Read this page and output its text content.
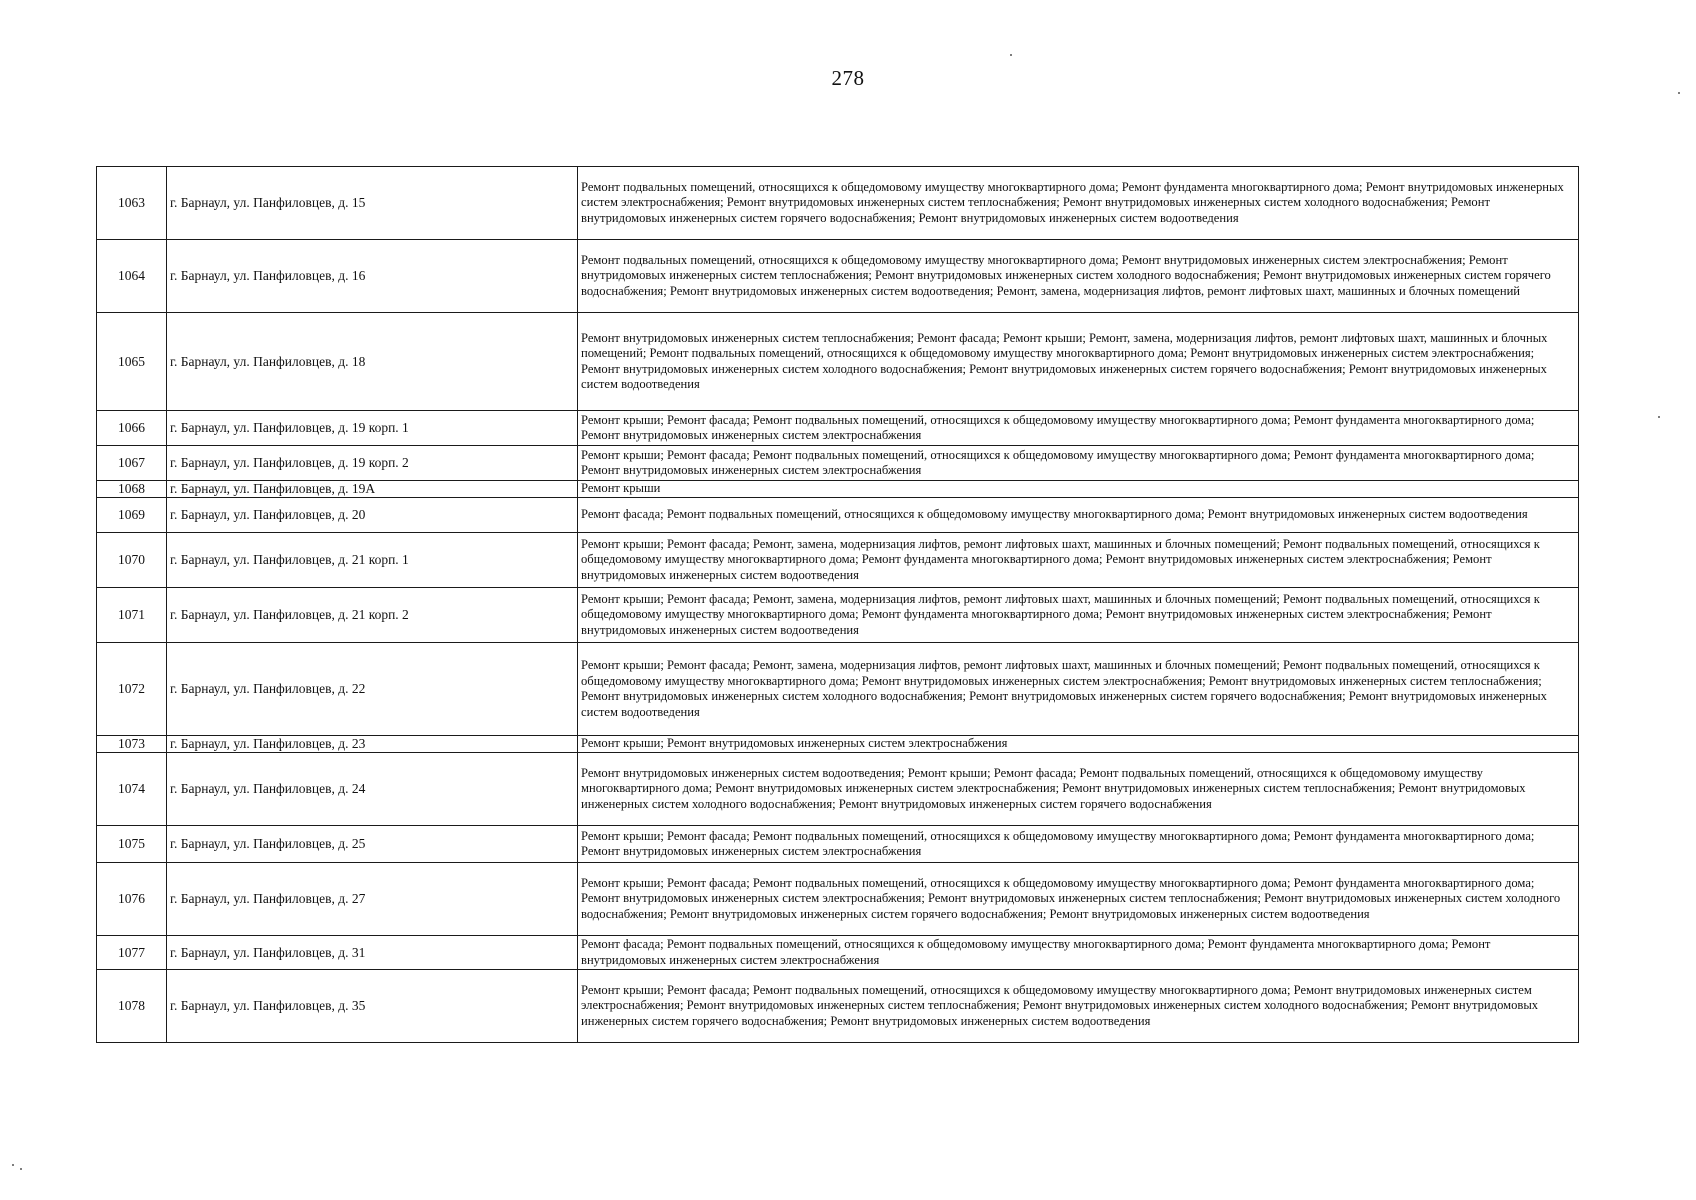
278
1063	г. Барнаул, ул. Панфиловцев, д. 15	Ремонт подвальных помещений, относящихся к общедомовому имуществу многоквартирного дома; Ремонт фундамента многоквартирного дома; Ремонт внутридомовых инженерных систем электроснабжения; Ремонт внутридомовых инженерных систем теплоснабжения; Ремонт внутридомовых инженерных систем холодного водоснабжения; Ремонт внутридомовых инженерных систем горячего водоснабжения; Ремонт внутридомовых инженерных систем водоотведения
1064	г. Барнаул, ул. Панфиловцев, д. 16	Ремонт подвальных помещений, относящихся к общедомовому имуществу многоквартирного дома; Ремонт внутридомовых инженерных систем электроснабжения; Ремонт внутридомовых инженерных систем теплоснабжения; Ремонт внутридомовых инженерных систем холодного водоснабжения; Ремонт внутридомовых инженерных систем горячего водоснабжения; Ремонт внутридомовых инженерных систем водоотведения; Ремонт, замена, модернизация лифтов, ремонт лифтовых шахт, машинных и блочных помещений
1065	г. Барнаул, ул. Панфиловцев, д. 18	Ремонт внутридомовых инженерных систем теплоснабжения; Ремонт фасада; Ремонт крыши; Ремонт, замена, модернизация лифтов, ремонт лифтовых шахт, машинных и блочных помещений; Ремонт подвальных помещений, относящихся к общедомовому имуществу многоквартирного дома; Ремонт внутридомовых инженерных систем электроснабжения; Ремонт внутридомовых инженерных систем холодного водоснабжения; Ремонт внутридомовых инженерных систем горячего водоснабжения; Ремонт внутридомовых инженерных систем водоотведения
1066	г. Барнаул, ул. Панфиловцев, д. 19 корп. 1	Ремонт крыши; Ремонт фасада; Ремонт подвальных помещений, относящихся к общедомовому имуществу многоквартирного дома; Ремонт фундамента многоквартирного дома; Ремонт внутридомовых инженерных систем электроснабжения
1067	г. Барнаул, ул. Панфиловцев, д. 19 корп. 2	Ремонт крыши; Ремонт фасада; Ремонт подвальных помещений, относящихся к общедомовому имуществу многоквартирного дома; Ремонт фундамента многоквартирного дома; Ремонт внутридомовых инженерных систем электроснабжения
1068	г. Барнаул, ул. Панфиловцев, д. 19А	Ремонт крыши
1069	г. Барнаул, ул. Панфиловцев, д. 20	Ремонт фасада; Ремонт подвальных помещений, относящихся к общедомовому имуществу многоквартирного дома; Ремонт внутридомовых инженерных систем водоотведения
1070	г. Барнаул, ул. Панфиловцев, д. 21 корп. 1	Ремонт крыши; Ремонт фасада; Ремонт, замена, модернизация лифтов, ремонт лифтовых шахт, машинных и блочных помещений; Ремонт подвальных помещений, относящихся к общедомовому имуществу многоквартирного дома; Ремонт фундамента многоквартирного дома; Ремонт внутридомовых инженерных систем электроснабжения; Ремонт внутридомовых инженерных систем водоотведения
1071	г. Барнаул, ул. Панфиловцев, д. 21 корп. 2	Ремонт крыши; Ремонт фасада; Ремонт, замена, модернизация лифтов, ремонт лифтовых шахт, машинных и блочных помещений; Ремонт подвальных помещений, относящихся к общедомовому имуществу многоквартирного дома; Ремонт фундамента многоквартирного дома; Ремонт внутридомовых инженерных систем электроснабжения; Ремонт внутридомовых инженерных систем водоотведения
1072	г. Барнаул, ул. Панфиловцев, д. 22	Ремонт крыши; Ремонт фасада; Ремонт, замена, модернизация лифтов, ремонт лифтовых шахт, машинных и блочных помещений; Ремонт подвальных помещений, относящихся к общедомовому имуществу многоквартирного дома; Ремонт внутридомовых инженерных систем электроснабжения; Ремонт внутридомовых инженерных систем теплоснабжения; Ремонт внутридомовых инженерных систем холодного водоснабжения; Ремонт внутридомовых инженерных систем горячего водоснабжения; Ремонт внутридомовых инженерных систем водоотведения
1073	г. Барнаул, ул. Панфиловцев, д. 23	Ремонт крыши; Ремонт внутридомовых инженерных систем электроснабжения
1074	г. Барнаул, ул. Панфиловцев, д. 24	Ремонт внутридомовых инженерных систем водоотведения; Ремонт крыши; Ремонт фасада; Ремонт подвальных помещений, относящихся к общедомовому имуществу многоквартирного дома; Ремонт внутридомовых инженерных систем электроснабжения; Ремонт внутридомовых инженерных систем теплоснабжения; Ремонт внутридомовых инженерных систем холодного водоснабжения; Ремонт внутридомовых инженерных систем горячего водоснабжения
1075	г. Барнаул, ул. Панфиловцев, д. 25	Ремонт крыши; Ремонт фасада; Ремонт подвальных помещений, относящихся к общедомовому имуществу многоквартирного дома; Ремонт фундамента многоквартирного дома; Ремонт внутридомовых инженерных систем электроснабжения
1076	г. Барнаул, ул. Панфиловцев, д. 27	Ремонт крыши; Ремонт фасада; Ремонт подвальных помещений, относящихся к общедомовому имуществу многоквартирного дома; Ремонт фундамента многоквартирного дома; Ремонт внутридомовых инженерных систем электроснабжения; Ремонт внутридомовых инженерных систем теплоснабжения; Ремонт внутридомовых инженерных систем холодного водоснабжения; Ремонт внутридомовых инженерных систем горячего водоснабжения; Ремонт внутридомовых инженерных систем водоотведения
1077	г. Барнаул, ул. Панфиловцев, д. 31	Ремонт фасада; Ремонт подвальных помещений, относящихся к общедомовому имуществу многоквартирного дома; Ремонт фундамента многоквартирного дома; Ремонт внутридомовых инженерных систем электроснабжения
1078	г. Барнаул, ул. Панфиловцев, д. 35	Ремонт крыши; Ремонт фасада; Ремонт подвальных помещений, относящихся к общедомовому имуществу многоквартирного дома; Ремонт внутридомовых инженерных систем электроснабжения; Ремонт внутридомовых инженерных систем теплоснабжения; Ремонт внутридомовых инженерных систем холодного водоснабжения; Ремонт внутридомовых инженерных систем горячего водоснабжения; Ремонт внутридомовых инженерных систем водоотведения
